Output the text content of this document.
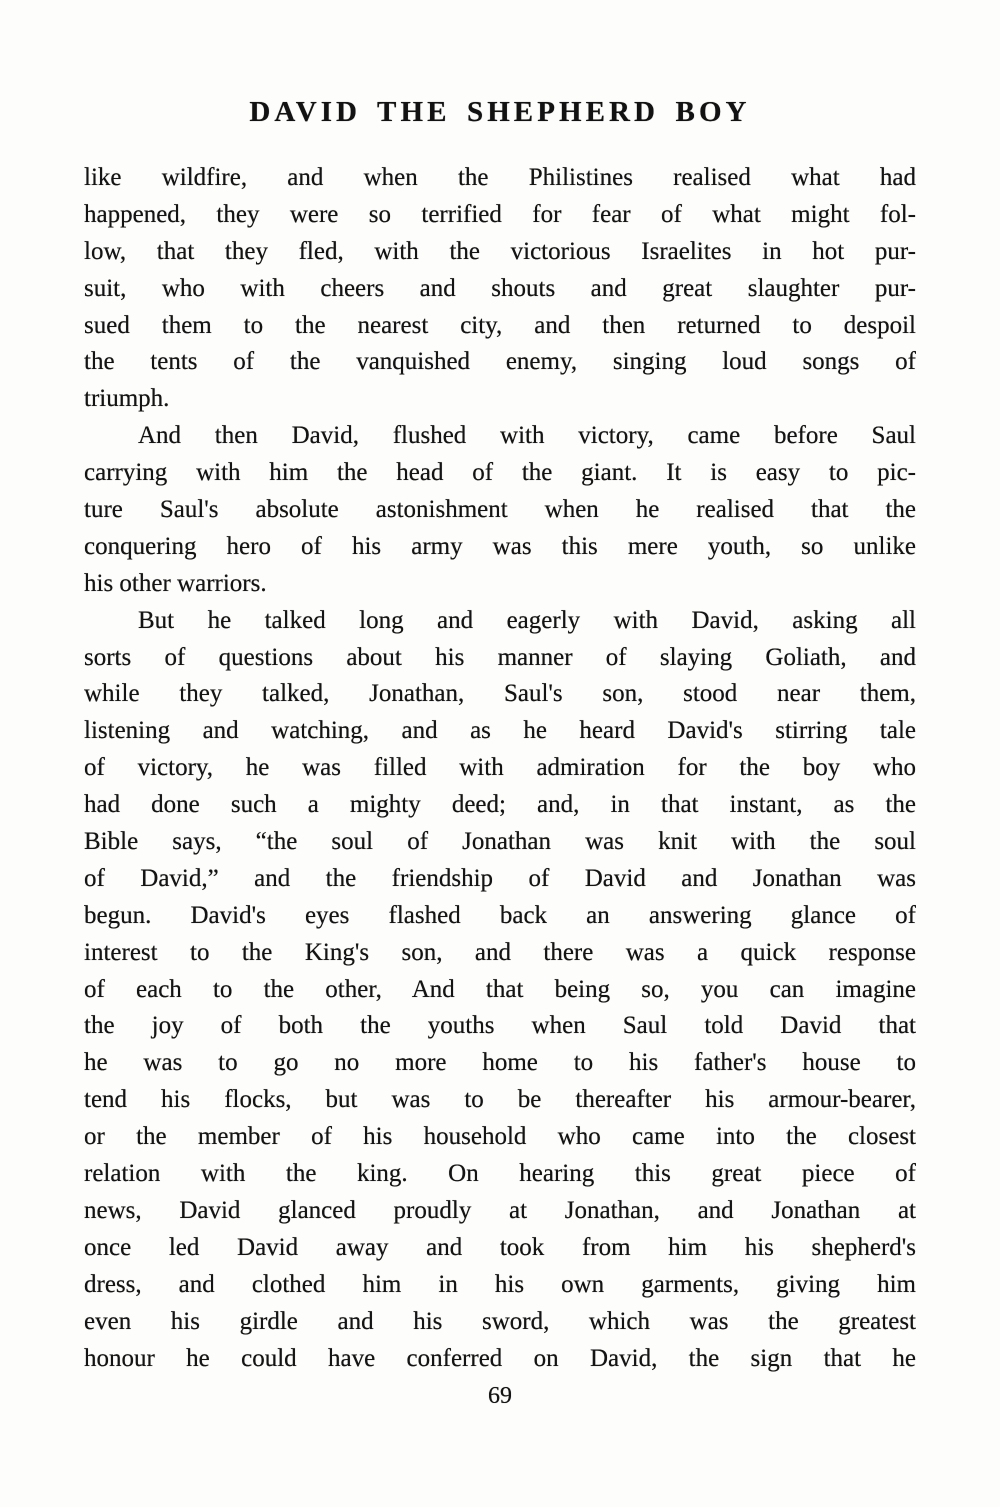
DAVID THE SHEPHERD BOY
like wildfire, and when the Philistines realised what had
happened, they were so terrified for fear of what might fol-
low, that they fled, with the victorious Israelites in hot pur-
suit, who with cheers and shouts and great slaughter pur-
sued them to the nearest city, and then returned to despoil
the tents of the vanquished enemy, singing loud songs of
triumph.
And then David, flushed with victory, came before Saul
carrying with him the head of the giant. It is easy to pic-
ture Saul's absolute astonishment when he realised that the
conquering hero of his army was this mere youth, so unlike
his other warriors.
But he talked long and eagerly with David, asking all
sorts of questions about his manner of slaying Goliath, and
while they talked, Jonathan, Saul's son, stood near them,
listening and watching, and as he heard David's stirring tale
of victory, he was filled with admiration for the boy who
had done such a mighty deed; and, in that instant, as the
Bible says, “the soul of Jonathan was knit with the soul
of David,” and the friendship of David and Jonathan was
begun. David's eyes flashed back an answering glance of
interest to the King's son, and there was a quick response
of each to the other, And that being so, you can imagine
the joy of both the youths when Saul told David that
he was to go no more home to his father's house to
tend his flocks, but was to be thereafter his armour-bearer,
or the member of his household who came into the closest
relation with the king. On hearing this great piece of
news, David glanced proudly at Jonathan, and Jonathan at
once led David away and took from him his shepherd's
dress, and clothed him in his own garments, giving him
even his girdle and his sword, which was the greatest
honour he could have conferred on David, the sign that he
69
